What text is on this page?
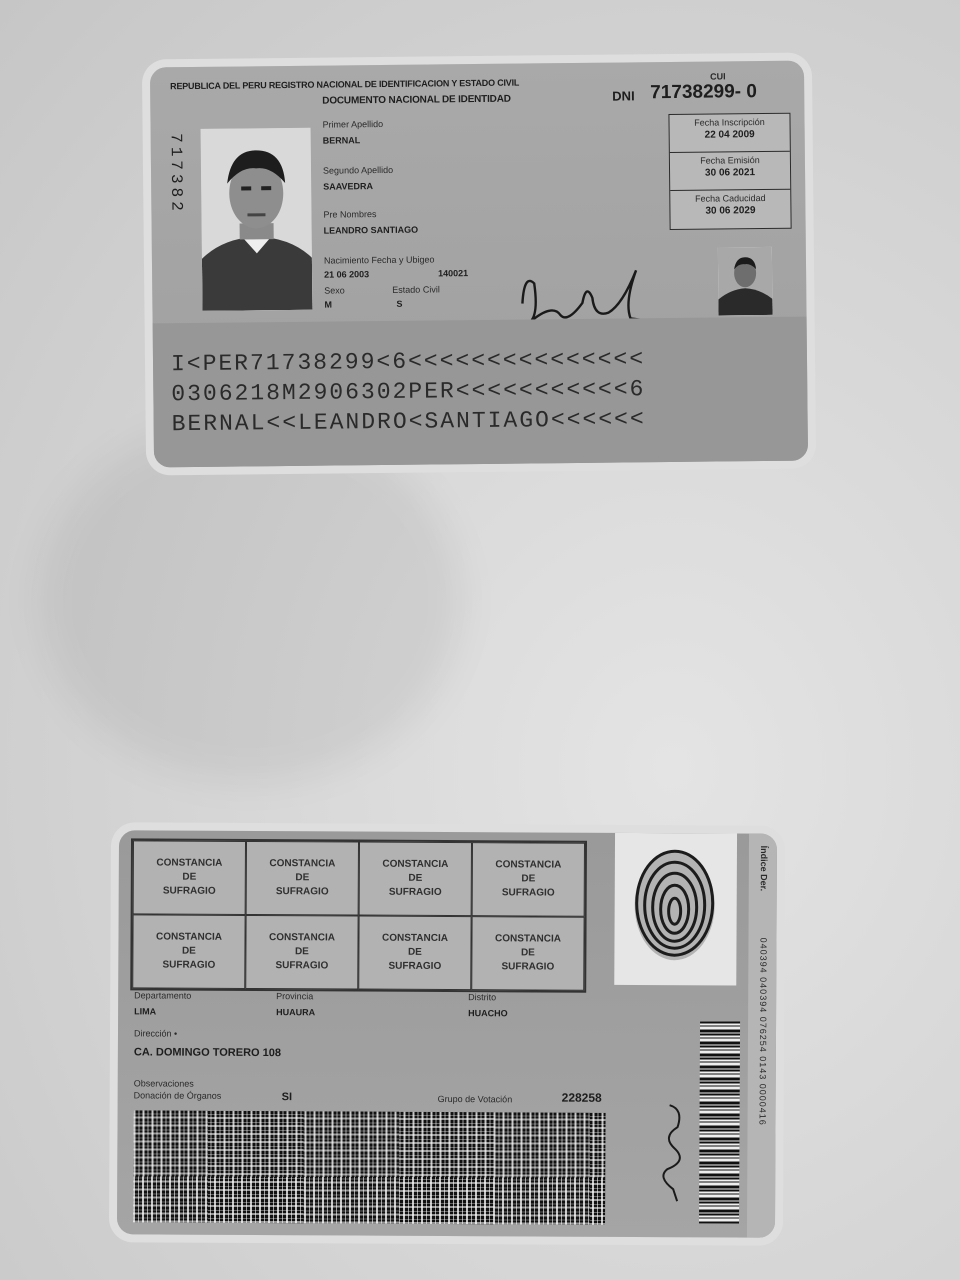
REPUBLICA DEL PERU REGISTRO NACIONAL DE IDENTIFICACION Y ESTADO CIVIL
CUI
DOCUMENTO NACIONAL DE IDENTIDAD	DNI 71738299- 0
717382
Primer Apellido
BERNAL
Segundo Apellido
SAAVEDRA
Pre Nombres
LEANDRO SANTIAGO
Nacimiento Fecha y Ubigeo
21 06 2003	140021
Sexo
M
Estado Civil
S
Fecha Inscripción
22 04 2009
Fecha Emisión
30 06 2021
Fecha Caducidad
30 06 2029
I<PER71738299<6<<<<<<<<<<<<<<<
0306218M2906302PER<<<<<<<<<<<6
BERNAL<<LEANDRO<SANTIAGO<<<<<<
CONSTANCIA
DE
SUFRAGIO
CONSTANCIA
DE
SUFRAGIO
CONSTANCIA
DE
SUFRAGIO
CONSTANCIA
DE
SUFRAGIO
CONSTANCIA
DE
SUFRAGIO
CONSTANCIA
DE
SUFRAGIO
CONSTANCIA
DE
SUFRAGIO
CONSTANCIA
DE
SUFRAGIO
Índice Der.
040394 040394 076254 0143 0000416
Departamento
LIMA
Provincia
HUAURA
Distrito
HUACHO
Dirección •
CA. DOMINGO TORERO 108
Observaciones
Donación de Órganos	SI	Grupo de Votación	228258
